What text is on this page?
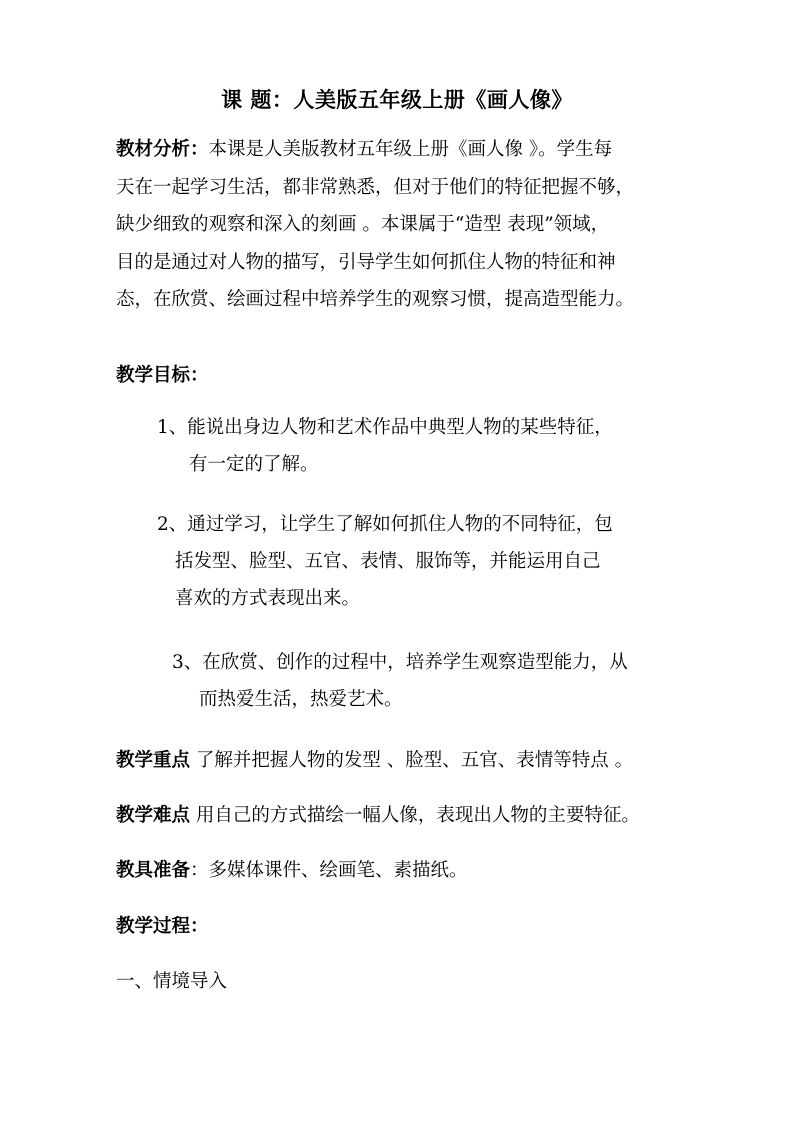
课 题：人美版五年级上册《画人像》
教材分析：本课是人美版教材五年级上册《画人像 》。学生每
天在一起学习生活，都非常熟悉，但对于他们的特征把握不够，
缺少细致的观察和深入的刻画 。本课属于“造型 表现”领域，
目的是通过对人物的描写，引导学生如何抓住人物的特征和神
态，在欣赏、绘画过程中培养学生的观察习惯，提高造型能力。
教学目标：
1、能说出身边人物和艺术作品中典型人物的某些特征，
有一定的了解。
2、通过学习，让学生了解如何抓住人物的不同特征，包
括发型、脸型、五官、表情、服饰等，并能运用自己
喜欢的方式表现出来。
3、在欣赏、创作的过程中，培养学生观察造型能力，从
而热爱生活，热爱艺术。
教学重点 了解并把握人物的发型 、脸型、五官、表情等特点 。
教学难点 用自己的方式描绘一幅人像，表现出人物的主要特征。
教具准备：多媒体课件、绘画笔、素描纸。
教学过程：
一、情境导入
